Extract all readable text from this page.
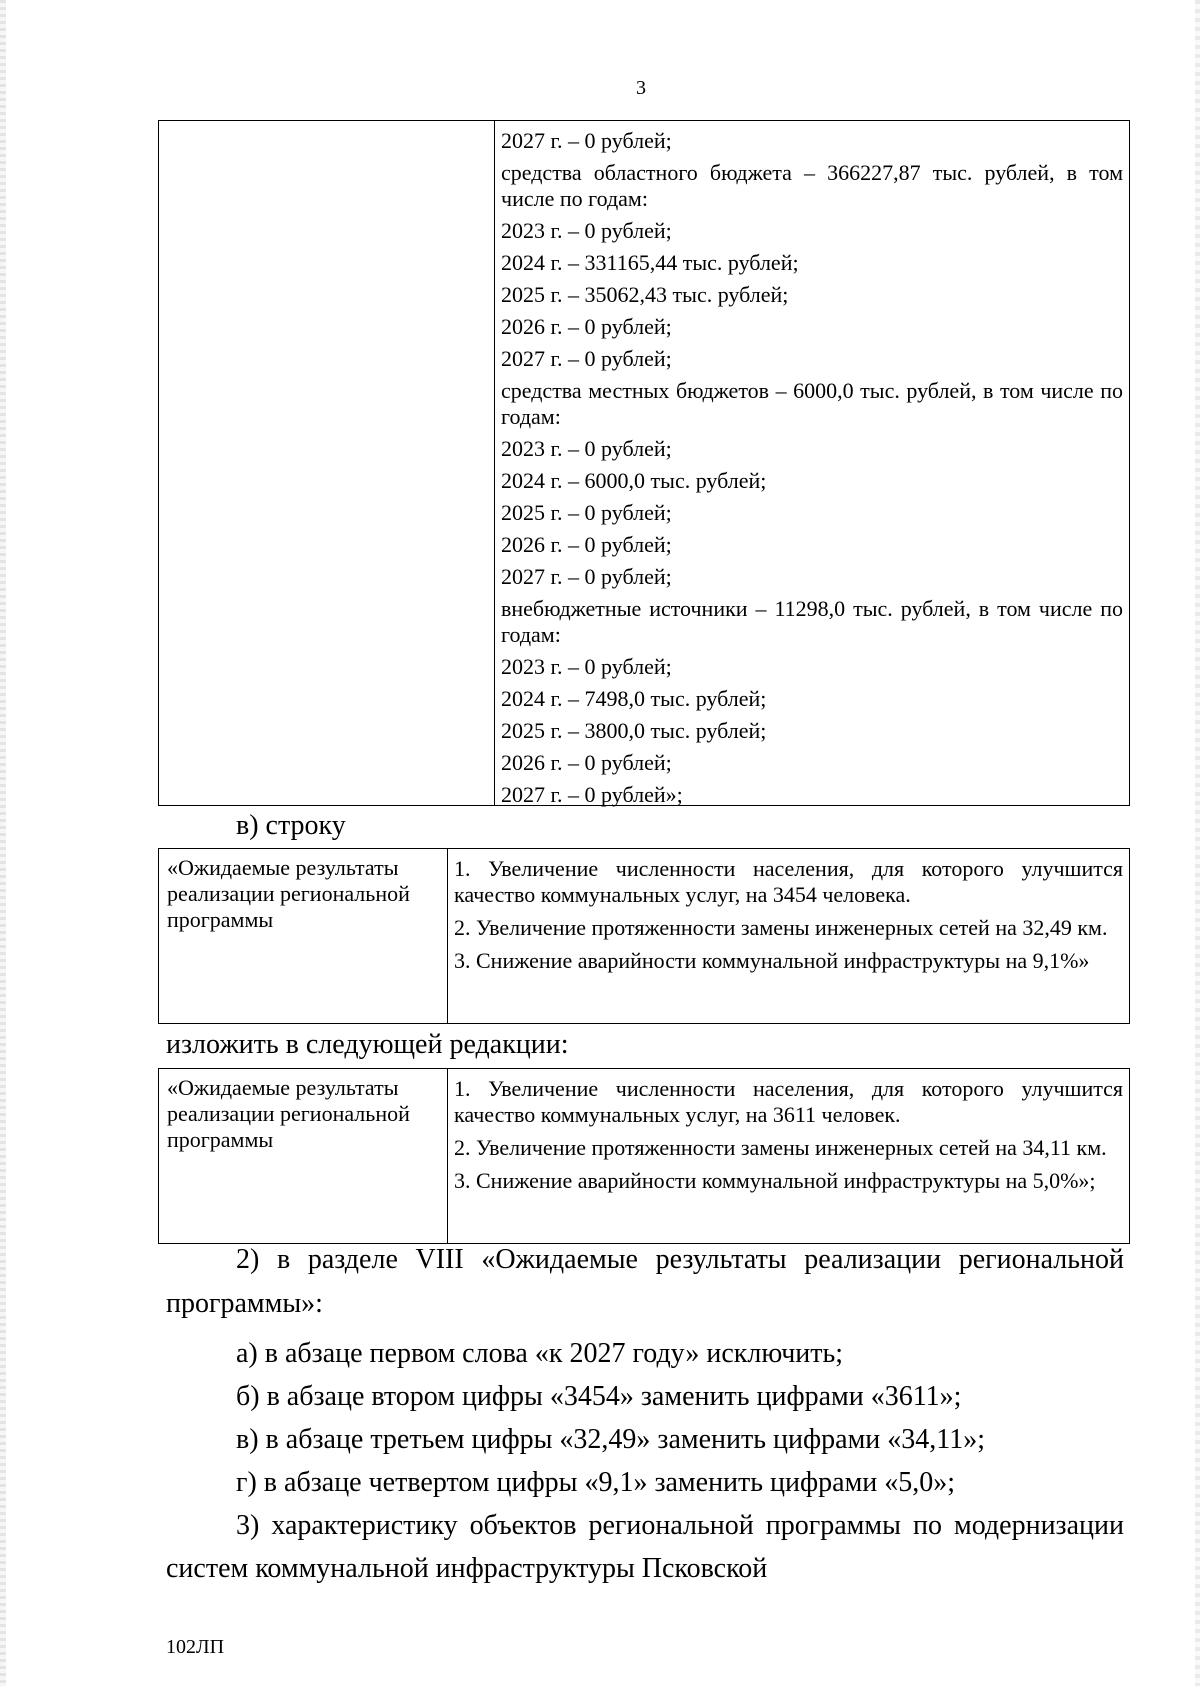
3
2027 г. – 0 рублей;
средства областного бюджета – 366227,87 тыс. рублей, в том числе по годам:
2023 г. – 0 рублей;
2024 г. – 331165,44 тыс. рублей;
2025 г. – 35062,43 тыс. рублей;
2026 г. – 0 рублей;
2027 г. – 0 рублей;
средства местных бюджетов – 6000,0 тыс. рублей, в том числе по годам:
2023 г. – 0 рублей;
2024 г. – 6000,0 тыс. рублей;
2025 г. – 0 рублей;
2026 г. – 0 рублей;
2027 г. – 0 рублей;
внебюджетные источники – 11298,0 тыс. рублей, в том числе по годам:
2023 г. – 0 рублей;
2024 г. – 7498,0 тыс. рублей;
2025 г. – 3800,0 тыс. рублей;
2026 г. – 0 рублей;
2027 г. – 0 рублей»;
в) строку
«Ожидаемые результаты реализации региональной программы
1. Увеличение численности населения, для которого улучшится качество коммунальных услуг, на 3454 человека.
2. Увеличение протяженности замены инженерных сетей на 32,49 км.
3. Снижение аварийности коммунальной инфраструктуры на 9,1%»
изложить в следующей редакции:
«Ожидаемые результаты реализации региональной программы
1. Увеличение численности населения, для которого улучшится качество коммунальных услуг, на 3611 человек.
2. Увеличение протяженности замены инженерных сетей на 34,11 км.
3. Снижение аварийности коммунальной инфраструктуры на 5,0%»;
2) в разделе VIII «Ожидаемые результаты реализации региональной программы»:
а) в абзаце первом слова «к 2027 году» исключить;
б) в абзаце втором цифры «3454» заменить цифрами «3611»;
в) в абзаце третьем цифры «32,49» заменить цифрами «34,11»;
г) в абзаце четвертом цифры «9,1» заменить цифрами «5,0»;
3) характеристику объектов региональной программы по модернизации систем коммунальной инфраструктуры Псковской
102ЛП
